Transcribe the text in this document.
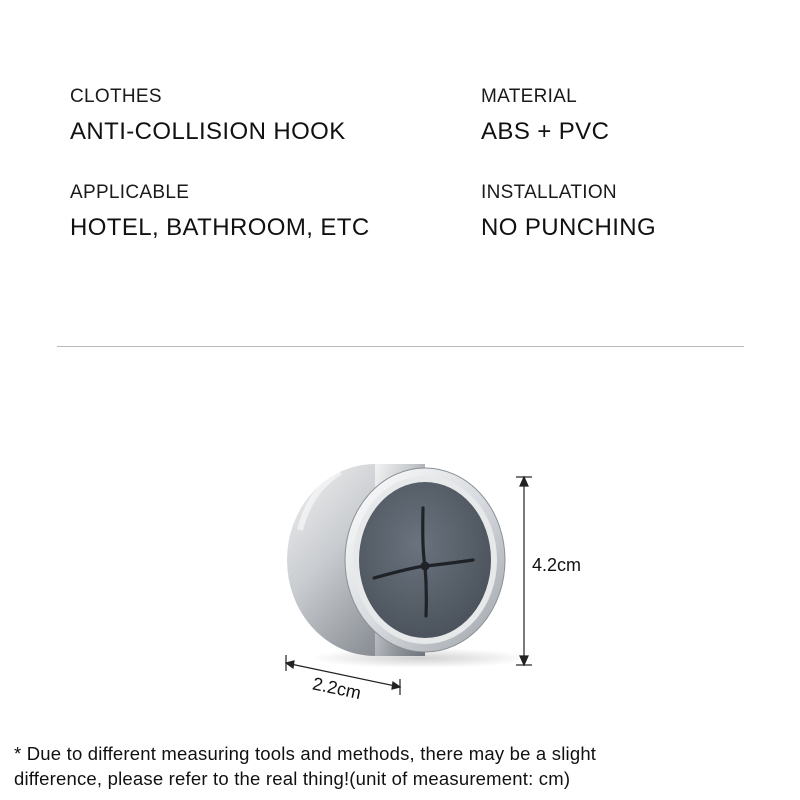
CLOTHES
ANTI-COLLISION HOOK
MATERIAL
ABS + PVC
APPLICABLE
HOTEL, BATHROOM, ETC
INSTALLATION
NO PUNCHING
4.2cm
2.2cm
* Due to different measuring tools and methods, there may be a slight
difference, please refer to the real thing!(unit of measurement: cm)
